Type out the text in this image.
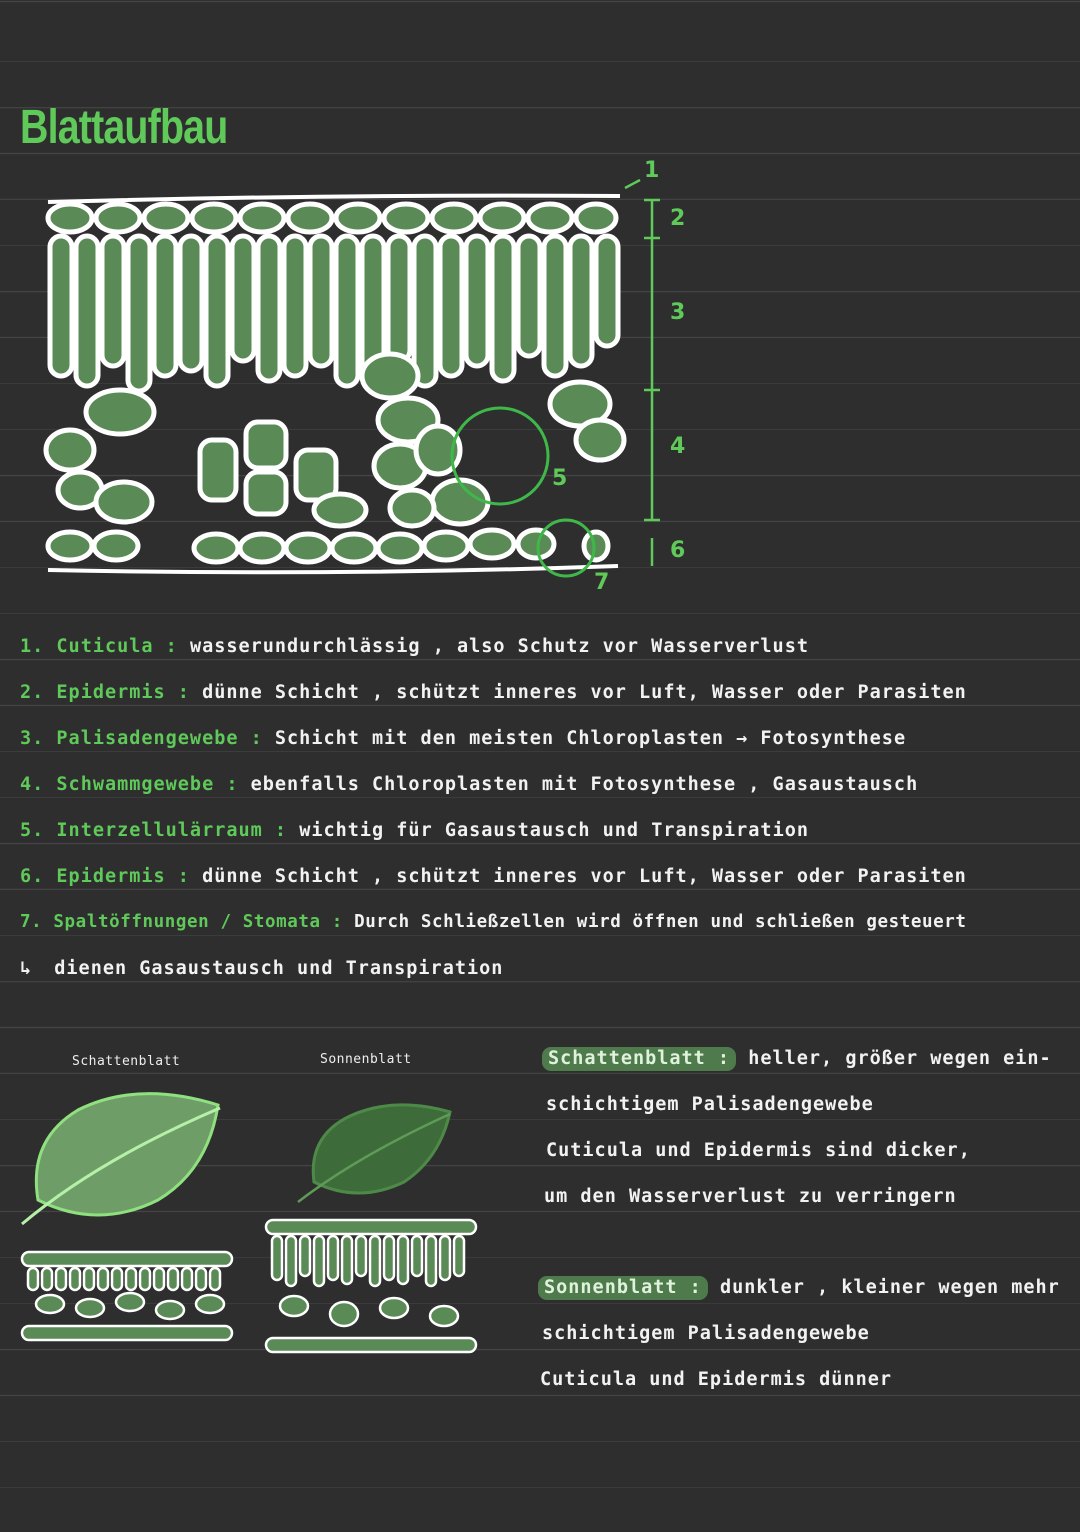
Blattaufbau
1
2
3
4
5
6
7
1. Cuticula : wasserundurchlässig , also Schutz vor Wasserverlust
2. Epidermis : dünne Schicht , schützt inneres vor Luft, Wasser oder Parasiten
3. Palisadengewebe : Schicht mit den meisten Chloroplasten → Fotosynthese
4. Schwammgewebe : ebenfalls Chloroplasten mit Fotosynthese , Gasaustausch
5. Interzellulärraum : wichtig für Gasaustausch und Transpiration
6. Epidermis : dünne Schicht , schützt inneres vor Luft, Wasser oder Parasiten
7. Spaltöffnungen / Stomata : Durch Schließzellen wird öffnen und schließen gesteuert
↳ dienen Gasaustausch und Transpiration
Schattenblatt	Sonnenblatt	Schattenblatt : heller, größer wegen ein-
schichtigem Palisadengewebe
Cuticula und Epidermis sind dicker,
um den Wasserverlust zu verringern
Sonnenblatt : dunkler , kleiner wegen mehr
schichtigem Palisadengewebe
Cuticula und Epidermis dünner
